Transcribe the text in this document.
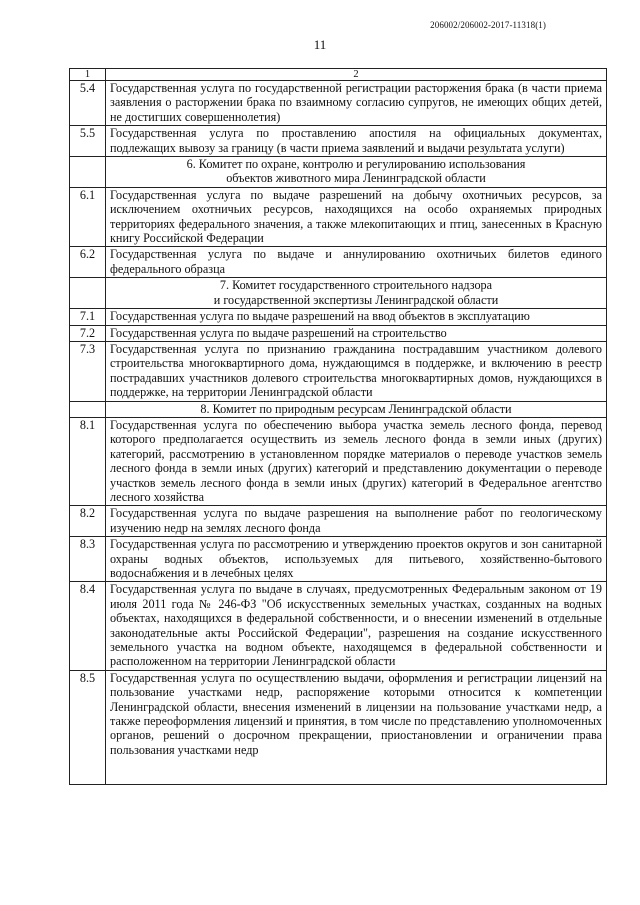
206002/206002-2017-11318(1)
11
1	2
5.4	Государственная услуга по государственной регистрации расторжения брака (в части приема заявления о расторжении брака по взаимному согласию супругов, не имеющих общих детей, не достигших совершеннолетия)
5.5	Государственная услуга по проставлению апостиля на официальных документах, подлежащих вывозу за границу (в части приема заявлений и выдачи результата услуги)

	6. Комитет по охране, контролю и регулированию использования
объектов животного мира Ленинградской области

6.1	Государственная услуга по выдаче разрешений на добычу охотничьих ресурсов, за исключением охотничьих ресурсов, находящихся на особо охраняемых природных территориях федерального значения, а также млекопитающих и птиц, занесенных в Красную книгу Российской Федерации
6.2	Государственная услуга по выдаче и аннулированию охотничьих билетов единого федерального образца

	7. Комитет государственного строительного надзора
и государственной экспертизы Ленинградской области

7.1	Государственная услуга по выдаче разрешений на ввод объектов в эксплуатацию
7.2	Государственная услуга по выдаче разрешений на строительство
7.3	Государственная услуга по признанию гражданина пострадавшим участником долевого строительства многоквартирного дома, нуждающимся в поддержке, и включению в реестр пострадавших участников долевого строительства многоквартирных домов, нуждающихся в поддержке, на территории Ленинградской области

	8. Комитет по природным ресурсам Ленинградской области

8.1	Государственная услуга по обеспечению выбора участка земель лесного фонда, перевод которого предполагается осуществить из земель лесного фонда в земли иных (других) категорий, рассмотрению в установленном порядке материалов о переводе участков земель лесного фонда в земли иных (других) категорий и представлению документации о переводе участков земель лесного фонда в земли иных (других) категорий в Федеральное агентство лесного хозяйства
8.2	Государственная услуга по выдаче разрешения на выполнение работ по геологическому изучению недр на землях лесного фонда
8.3	Государственная услуга по рассмотрению и утверждению проектов округов и зон санитарной охраны водных объектов, используемых для питьевого, хозяйственно-бытового водоснабжения и в лечебных целях
8.4	Государственная услуга по выдаче в случаях, предусмотренных Федеральным законом от 19 июля 2011 года № 246-ФЗ "Об искусственных земельных участках, созданных на водных объектах, находящихся в федеральной собственности, и о внесении изменений в отдельные законодательные акты Российской Федерации", разрешения на создание искусственного земельного участка на водном объекте, находящемся в федеральной собственности и расположенном на территории Ленинградской области
8.5	Государственная услуга по осуществлению выдачи, оформления и регистрации лицензий на пользование участками недр, распоряжение которыми относится к компетенции Ленинградской области, внесения изменений в лицензии на пользование участками недр, а также переоформления лицензий и принятия, в том числе по представлению уполномоченных органов, решений о досрочном прекращении, приостановлении и ограничении права пользования участками недр
